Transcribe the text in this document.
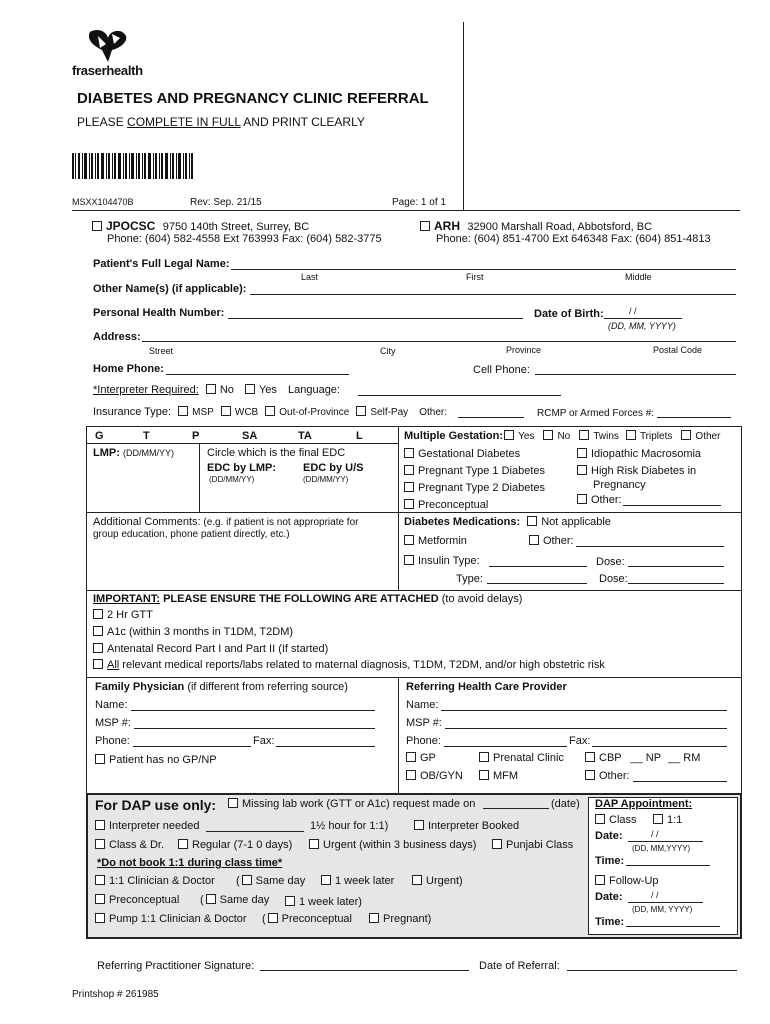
fraserhealth
DIABETES AND PREGNANCY CLINIC REFERRAL
PLEASE COMPLETE IN FULL AND PRINT CLEARLY
MSXX104470B	Rev: Sep. 21/15	Page: 1 of 1
JPOCSC 9750 140th Street, Surrey, BC
Phone: (604) 582-4558 Ext 763993 Fax: (604) 582-3775
ARH 32900 Marshall Road, Abbotsford, BC
Phone: (604) 851-4700 Ext 646348 Fax: (604) 851-4813
Patient's Full Legal Name:
Last	First	Middle
Other Name(s) (if applicable):
Personal Health Number:	Date of Birth:	/ /
(DD, MM, YYYY)
Address:
Street	City	Province	Postal Code
Home Phone:	Cell Phone:
*Interpreter Required: No Yes Language:
Insurance Type: MSP WCB Out-of-Province Self-Pay Other:	RCMP or Armed Forces #:
G	T	P	SA	TA	L
LMP: (DD/MM/YY)	Circle which is the final EDC
EDC by LMP: EDC by U/S
(DD/MM/YY)	(DD/MM/YY)
Additional Comments: (e.g. if patient is not appropriate for
group education, phone patient directly, etc.)
Multiple Gestation: Yes No Twins Triplets Other
Gestational Diabetes
Pregnant Type 1 Diabetes
Pregnant Type 2 Diabetes
Preconceptual
Idiopathic Macrosomia
High Risk Diabetes in
Pregnancy
Other:
Diabetes Medications: Not applicable
Metformin	Other:
Insulin Type:	Dose:
Type:	Dose:
IMPORTANT: PLEASE ENSURE THE FOLLOWING ARE ATTACHED (to avoid delays)
2 Hr GTT
A1c (within 3 months in T1DM, T2DM)
Antenatal Record Part I and Part II (If started)
All relevant medical reports/labs related to maternal diagnosis, T1DM, T2DM, and/or high obstetric risk
Family Physician (if different from referring source)
Name:
MSP #:
Phone:	Fax:
Patient has no GP/NP
Referring Health Care Provider
Name:
MSP #:
Phone:	Fax:
GP	Prenatal Clinic	CBP __ NP __ RM
OB/GYN	MFM	Other:
For DAP use only:	Missing lab work (GTT or A1c) request made on	(date)
Interpreter needed	1½ hour for 1:1)	Interpreter Booked
Class & Dr.	Regular (7-1 0 days)	Urgent (within 3 business days)	Punjabi Class
*Do not book 1:1 during class time*
1:1 Clinician & Doctor ( Same day	1 week later	Urgent)
Preconceptual ( Same day	1 week later)
Pump 1:1 Clinician & Doctor ( Preconceptual	Pregnant)
DAP Appointment:
Class	1:1
Date:	/ /
(DD, MM,YYYY)
Time:
Follow-Up
Date:	/ /
(DD, MM, YYYY)
Time:
Referring Practitioner Signature:	Date of Referral:
Printshop # 261985
